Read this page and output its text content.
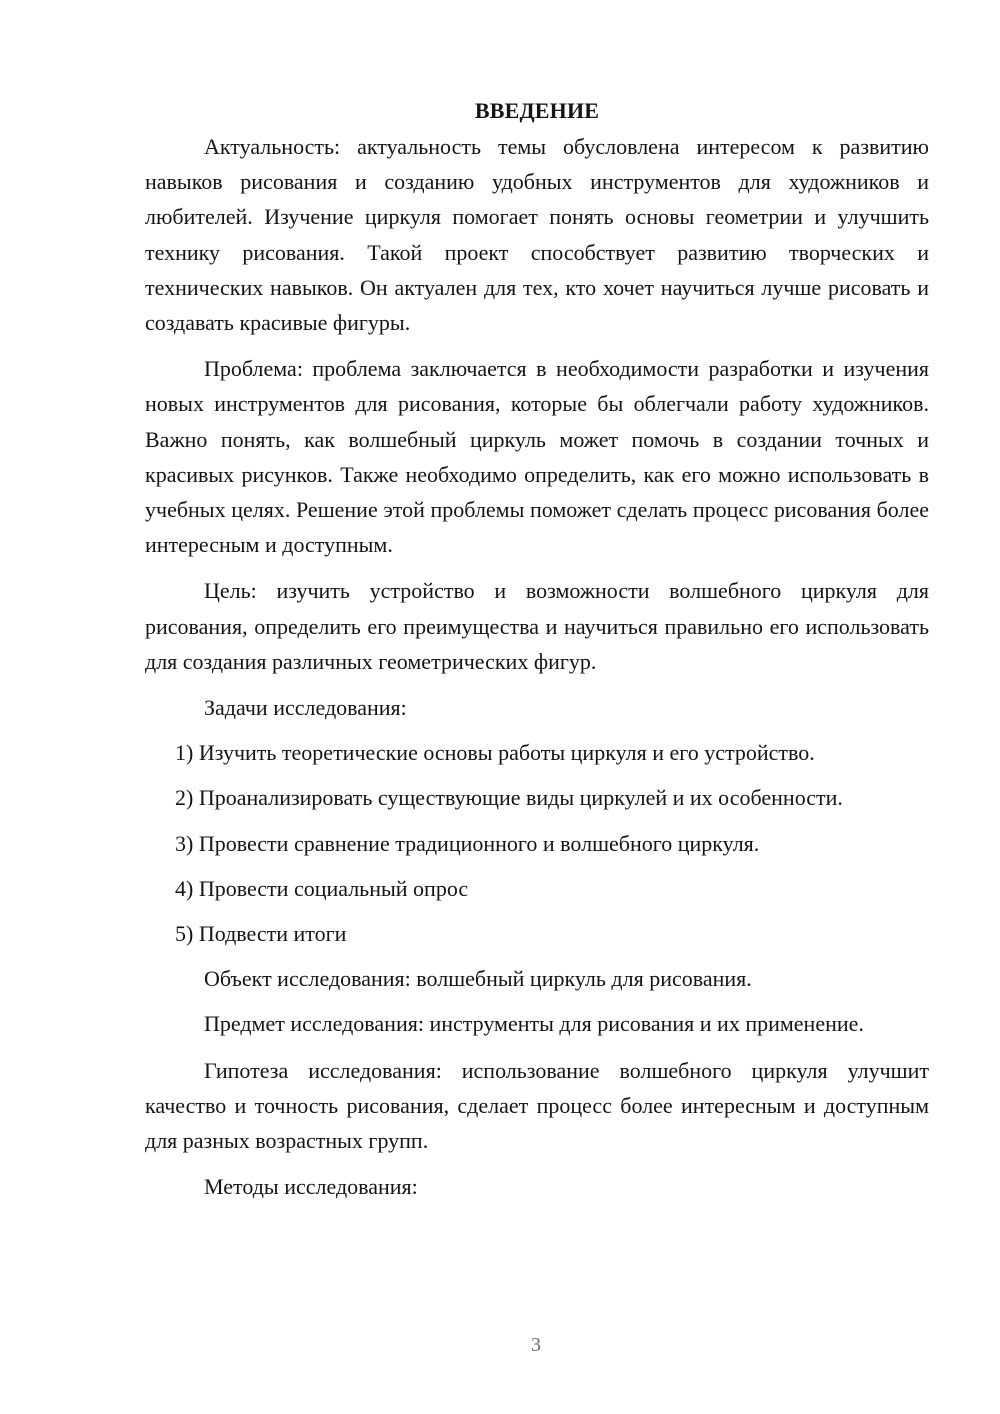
ВВЕДЕНИЕ

Актуальность: актуальность темы обусловлена интересом к развитию навыков рисования и созданию удобных инструментов для художников и любителей. Изучение циркуля помогает понять основы геометрии и улучшить технику рисования. Такой проект способствует развитию творческих и технических навыков. Он актуален для тех, кто хочет научиться лучше рисовать и создавать красивые фигуры.

Проблема: проблема заключается в необходимости разработки и изучения новых инструментов для рисования, которые бы облегчали работу художников. Важно понять, как волшебный циркуль может помочь в создании точных и красивых рисунков. Также необходимо определить, как его можно использовать в учебных целях. Решение этой проблемы поможет сделать процесс рисования более интересным и доступным.

Цель: изучить устройство и возможности волшебного циркуля для рисования, определить его преимущества и научиться правильно его использовать для создания различных геометрических фигур.

Задачи исследования:

1) Изучить теоретические основы работы циркуля и его устройство.
2) Проанализировать существующие виды циркулей и их особенности.
3) Провести сравнение традиционного и волшебного циркуля.
4) Провести социальный опрос
5) Подвести итоги

Объект исследования: волшебный циркуль для рисования.

Предмет исследования: инструменты для рисования и их применение.

Гипотеза исследования: использование волшебного циркуля улучшит качество и точность рисования, сделает процесс более интересным и доступным для разных возрастных групп.

Методы исследования:

3
